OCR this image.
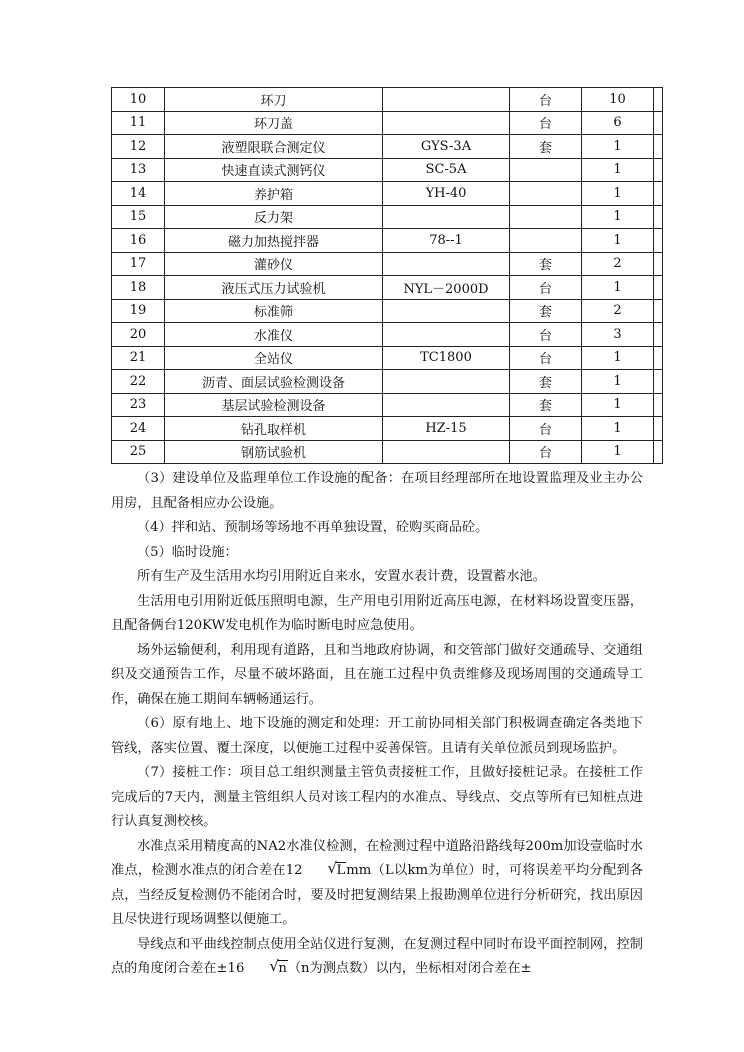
10	环刀		台	10	
11	环刀盖		台	6	
12	液塑限联合测定仪	GYS-3A	套	1	
13	快速直读式测钙仪	SC-5A		1	
14	养护箱	YH-40		1	
15	反力架			1	
16	磁力加热搅拌器	78--1		1	
17	灌砂仪		套	2	
18	液压式压力试验机	NYL－2000D	台	1	
19	标准筛		套	2	
20	水准仪		台	3	
21	全站仪	TC1800	台	1	
22	沥青、面层试验检测设备		套	1	
23	基层试验检测设备		套	1	
24	钻孔取样机	HZ-15	台	1	
25	钢筋试验机		台	1	

（3）建设单位及监理单位工作设施的配备：在项目经理部所在地设置监理及业主办公用房，且配备相应办公设施。

（4）拌和站、预制场等场地不再单独设置，砼购买商品砼。

（5）临时设施：

所有生产及生活用水均引用附近自来水，安置水表计费，设置蓄水池。

生活用电引用附近低压照明电源，生产用电引用附近高压电源，在材料场设置变压器，且配备俩台120KW发电机作为临时断电时应急使用。

场外运输便利，利用现有道路，且和当地政府协调，和交管部门做好交通疏导、交通组织及交通预告工作，尽量不破坏路面，且在施工过程中负责维修及现场周围的交通疏导工作，确保在施工期间车辆畅通运行。

（6）原有地上、地下设施的测定和处理：开工前协同相关部门积极调查确定各类地下管线，落实位置、覆土深度，以便施工过程中妥善保管。且请有关单位派员到现场监护。

（7）接桩工作：项目总工组织测量主管负责接桩工作，且做好接桩记录。在接桩工作完成后的7天内，测量主管组织人员对该工程内的水准点、导线点、交点等所有已知桩点进行认真复测校核。

水准点采用精度高的NA2水准仪检测，在检测过程中道路沿路线每200m加设壹临时水准点，检测水准点的闭合差在12	√ Lmm（L以km为单位）时，可将误差平均分配到各点，当经反复检测仍不能闭合时，要及时把复测结果上报勘测单位进行分析研究，找出原因且尽快进行现场调整以便施工。

导线点和平曲线控制点使用全站仪进行复测，在复测过程中同时布设平面控制网，控制点的角度闭合差在±16	√ n（n为测点数）以内，坐标相对闭合差在±
